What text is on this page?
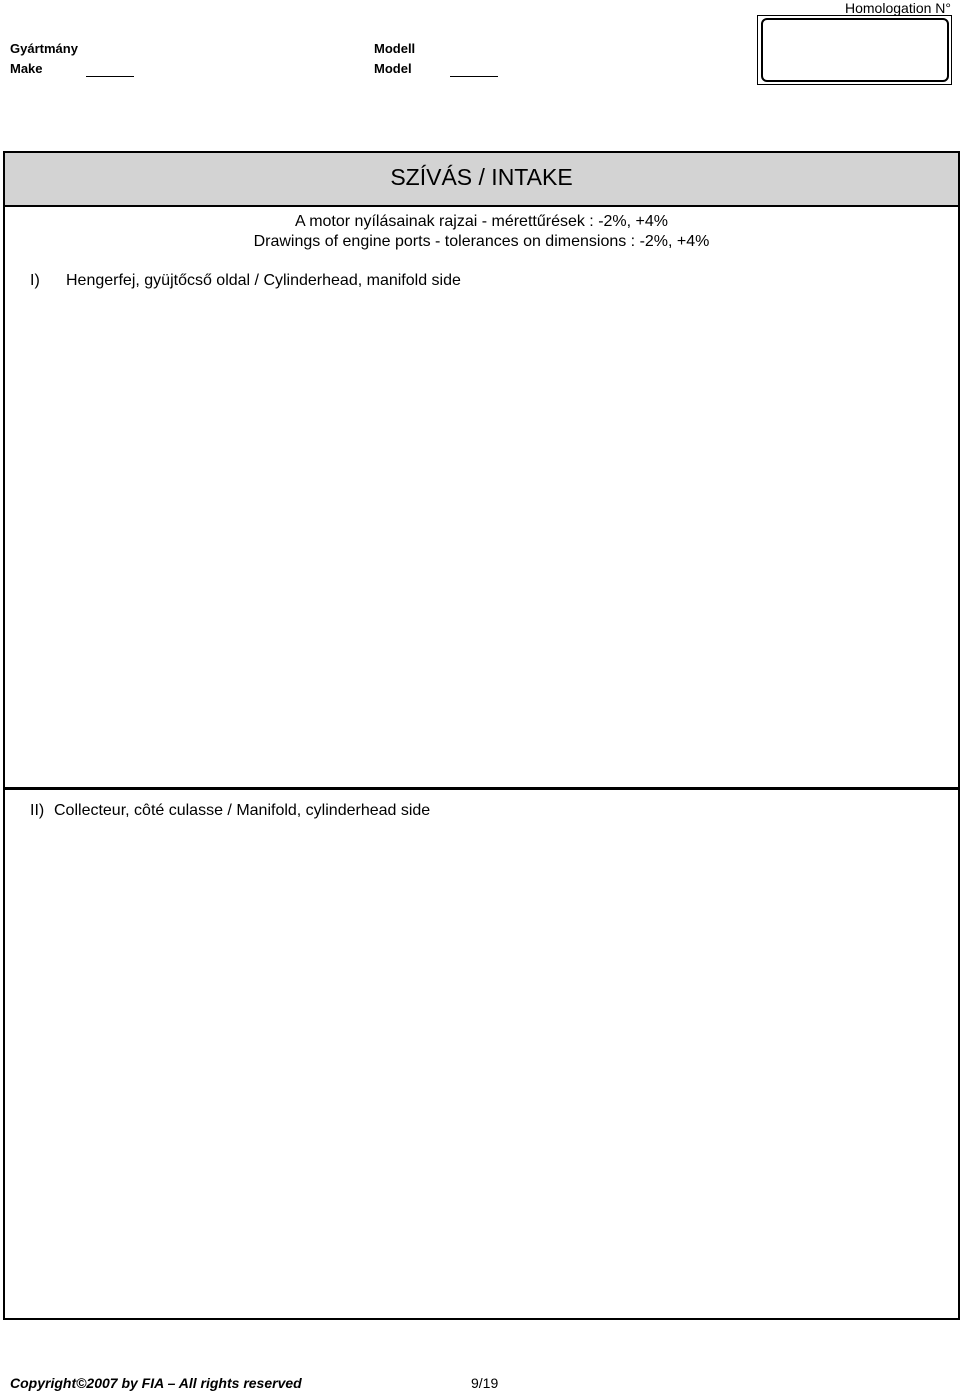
Homologation N°
Gyártmány
Make
Modell
Model
SZÍVÁS / INTAKE
A motor nyílásainak rajzai - mérettűrések : -2%, +4%
Drawings of engine ports - tolerances on dimensions : -2%, +4%
I) Hengerfej, gyüjtőcső oldal / Cylinderhead, manifold side
II) Collecteur, côté culasse / Manifold, cylinderhead side
Copyright©2007 by FIA – All rights reserved	9/19
